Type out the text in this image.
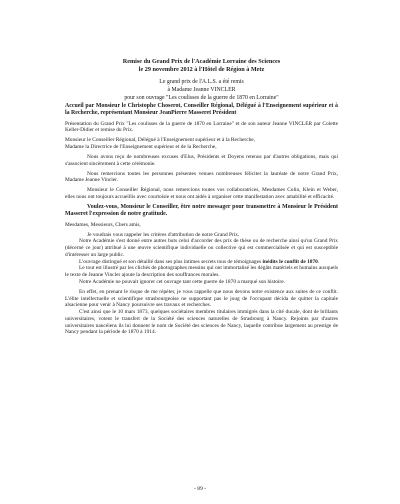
Remise du Grand Prix de l'Académie Lorraine des Sciences
le 29 novembre 2012 à l'Hôtel de Région à Metz
Le grand prix de l'A.L.S. a été remis
à Madame Jeanne VINCLER
pour son ouvrage "Les coulisses de la guerre de 1870 en Lorraine"

Accueil par Monsieur le Christophe Choserot, Conseiller Régional, Délégué à l'Enseignement supérieur et à la Recherche, représentant Monsieur JeanPierre Masseret Président

Présentation du Grand Prix "Les coulisses de la guerre de 1870 en Lorraine" et de son auteur Jeanne VINCLER par Colette Keller-Didier et remise du Prix.

Monsieur le Conseiller Régional, Délégué à l'Enseignement supérieur et à la Recherche,

Madame la Directrice de l'Enseignement supérieur et de la Recherche,

Nous avons reçu de nombreuses excuses d'Elus, Présidents et Doyens retenus par d'autres obligations, mais qui s'associent sincèrement à cette cérémonie.

Nous remercions toutes les personnes présentes venues nombreuses féliciter la lauréate de notre Grand Prix, Madame Jeanne Vincler.

Monsieur le Conseiller Régional, nous remercions toutes vos collaboratrices, Mesdames Colin, Klein et Weber, elles nous ont toujours accueillis avec courtoisie et nous ont aidés à organiser cette manifestation avec amabilité et efficacité.

Voulez-vous, Monsieur le Conseiller, être notre messager pour transmettre à Monsieur le Président Masseret l'expression de notre gratitude.

Mesdames, Messieurs, Chers amis,

Je voudrais vous rappeler les critères d'attribution de notre Grand Prix.

Notre Académie s'est donné entre autres buts celui d'accorder des prix de thèse ou de recherche ainsi qu'un Grand Prix (décerné ce jour) attribué à une œuvre scientifique individuelle ou collective qui est commercialisée et qui est susceptible d'intéresser un large public.

L'ouvrage distingué et son détaillé dans ses plus intimes secrets tous de témoignages inédits le conflit de 1870.

Le tout est illustré par les clichés de photographes messins qui ont immortalisé les dégâts matériels et humains auxquels le texte de Jeanne Vincler ajoute la description des souffrances morales.

Notre Académie ne pouvait ignorer cet ouvrage tant cette guerre de 1870 a marqué son histoire.

En effet, en prenant le risque de me répéter, je vous rappelle que nous devons notre existence aux suites de ce conflit. L'élite intellectuelle et scientifique strasbourgeoise ne supportant pas le joug de l'occupant décida de quitter la capitale alsacienne pour venir à Nancy poursuivre ses travaux et recherches.

C'est ainsi que le 10 mars 1873, quelques sociétaires membres titulaires immigrés dans la cité ducale, dont de brillants universitaires, votent le transfert de la Société des sciences naturelles de Strasbourg à Nancy. Rejoints par d'autres universitaires nancéiens ils lui donnent le nom de Société des sciences de Nancy, laquelle contribue largement au prestige de Nancy pendant la période de 1870 à 1914.

- 89 -
